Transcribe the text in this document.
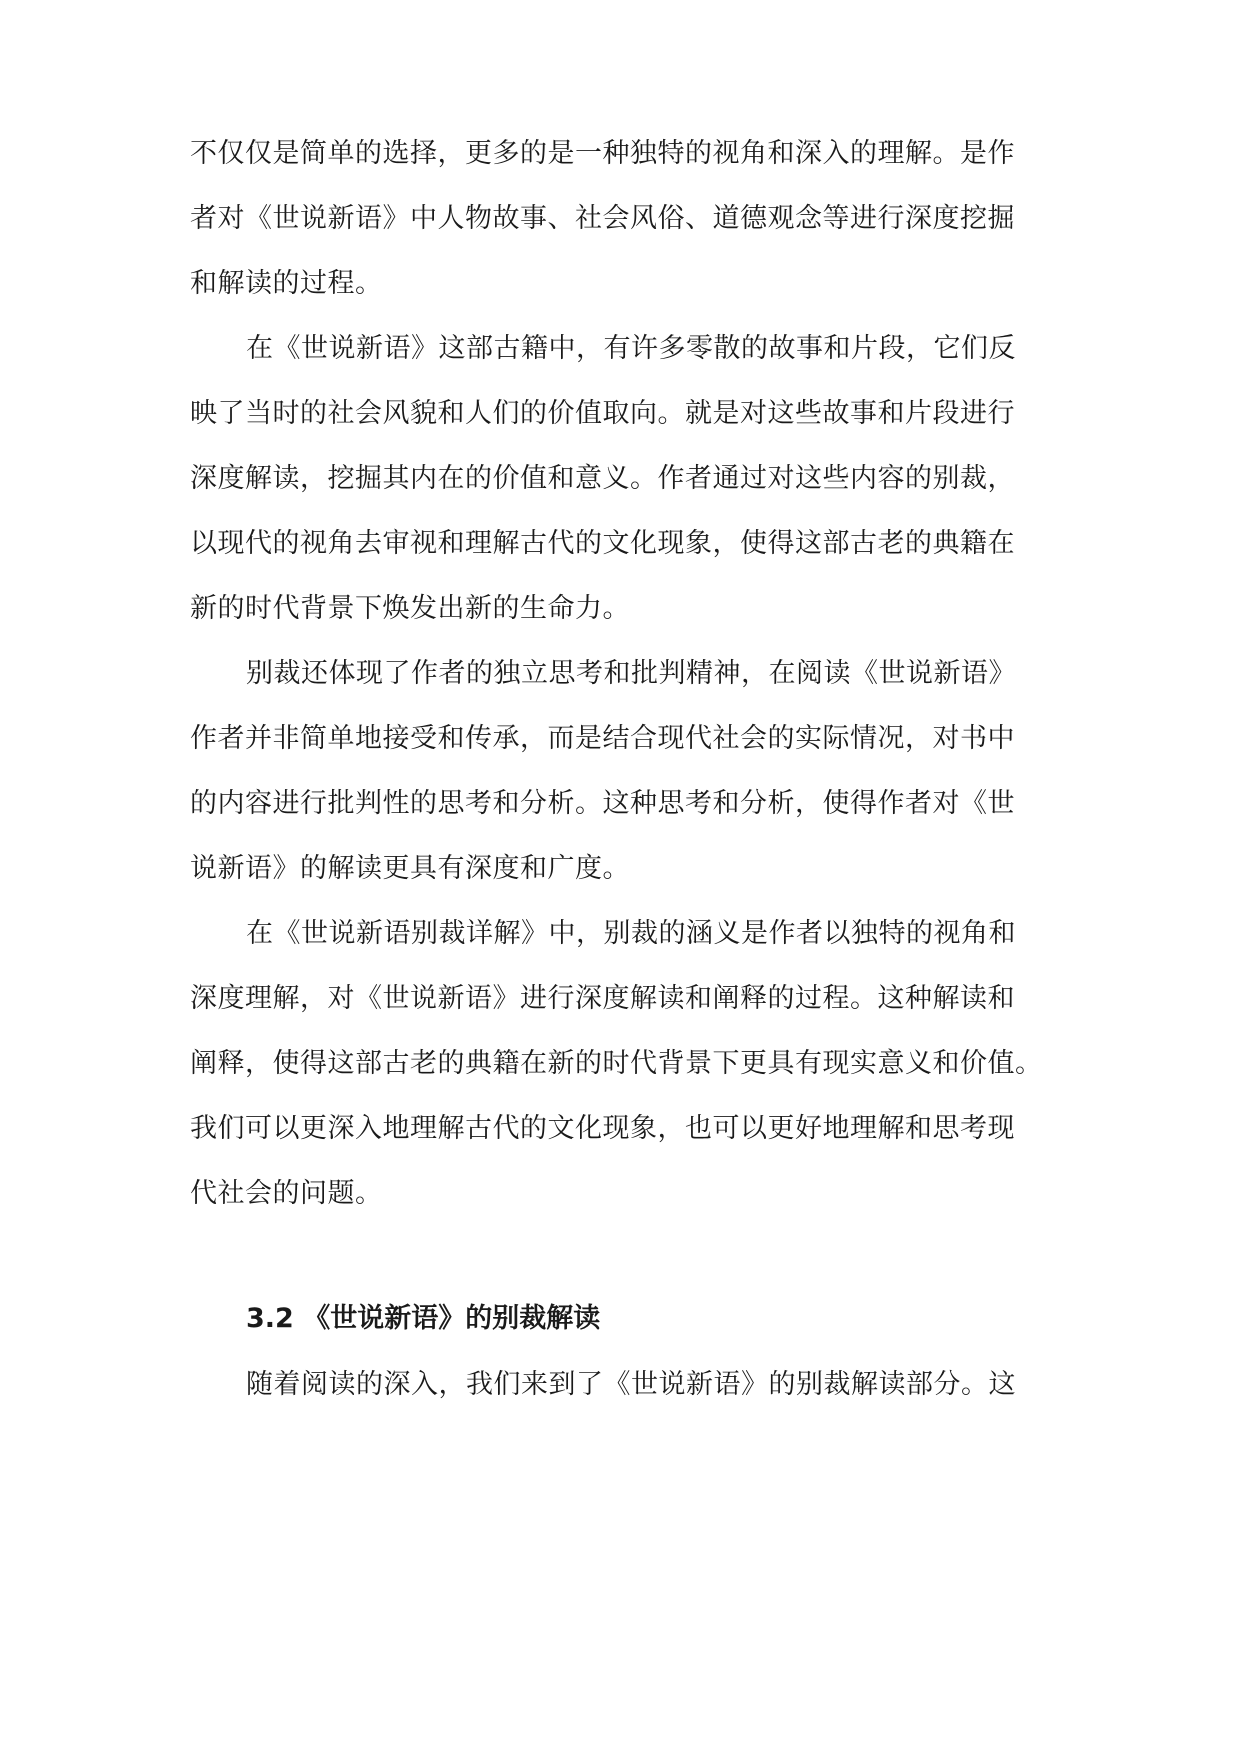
不仅仅是简单的选择，更多的是一种独特的视角和深入的理解。是作
者对《世说新语》中人物故事、社会风俗、道德观念等进行深度挖掘
和解读的过程。
在《世说新语》这部古籍中，有许多零散的故事和片段，它们反
映了当时的社会风貌和人们的价值取向。就是对这些故事和片段进行
深度解读，挖掘其内在的价值和意义。作者通过对这些内容的别裁，
以现代的视角去审视和理解古代的文化现象，使得这部古老的典籍在
新的时代背景下焕发出新的生命力。
别裁还体现了作者的独立思考和批判精神，在阅读《世说新语》
作者并非简单地接受和传承，而是结合现代社会的实际情况，对书中
的内容进行批判性的思考和分析。这种思考和分析，使得作者对《世
说新语》的解读更具有深度和广度。
在《世说新语别裁详解》中，别裁的涵义是作者以独特的视角和
深度理解，对《世说新语》进行深度解读和阐释的过程。这种解读和
阐释，使得这部古老的典籍在新的时代背景下更具有现实意义和价值。
我们可以更深入地理解古代的文化现象，也可以更好地理解和思考现
代社会的问题。
3.2 《世说新语》的别裁解读
随着阅读的深入，我们来到了《世说新语》的别裁解读部分。这
